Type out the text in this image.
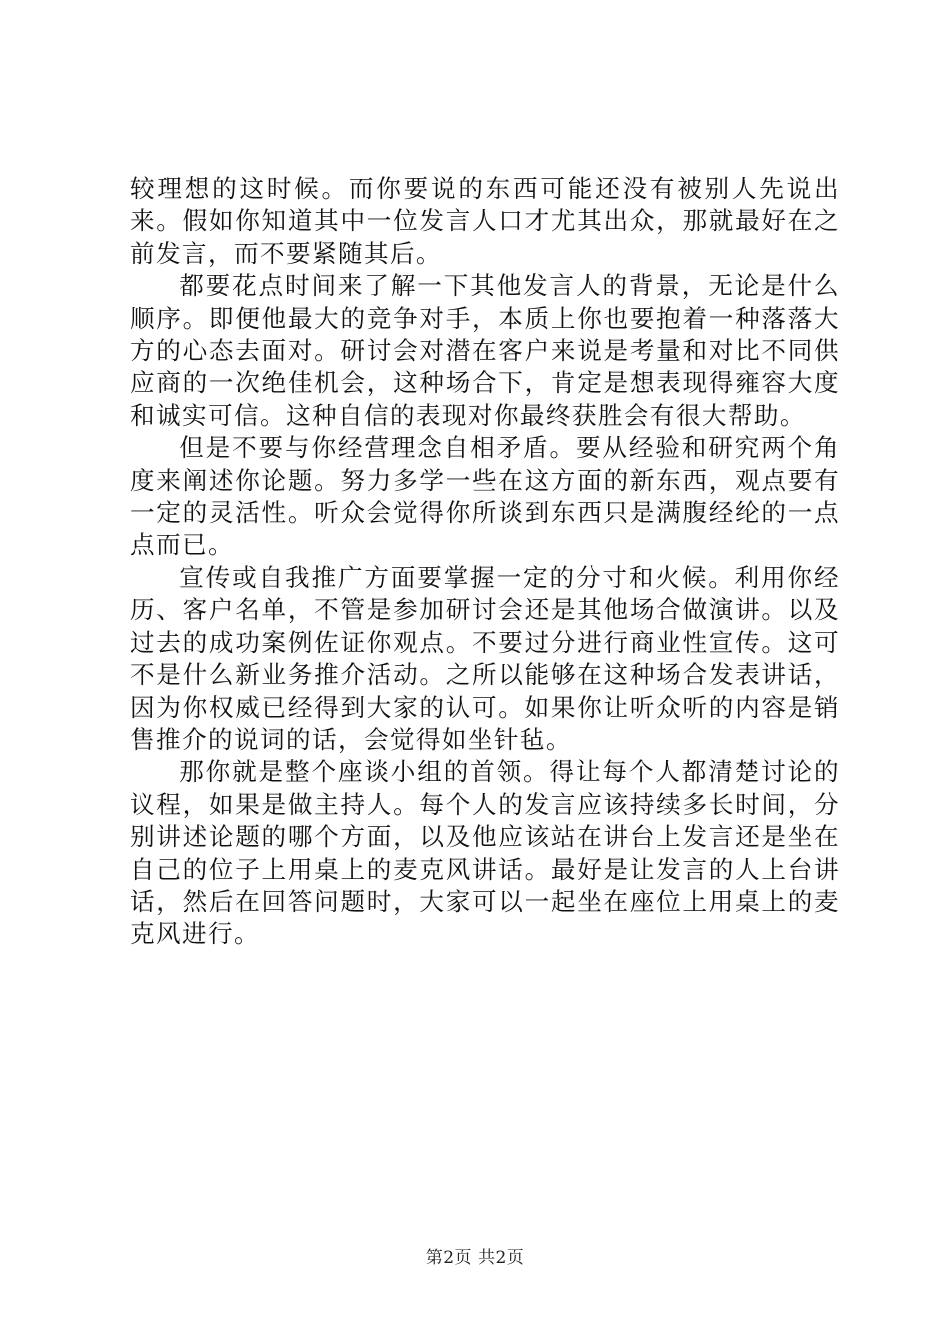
较理想的这时候。而你要说的东西可能还没有被别人先说出来。假如你知道其中一位发言人口才尤其出众，那就最好在之前发言，而不要紧随其后。

都要花点时间来了解一下其他发言人的背景，无论是什么顺序。即便他最大的竞争对手，本质上你也要抱着一种落落大方的心态去面对。研讨会对潜在客户来说是考量和对比不同供应商的一次绝佳机会，这种场合下，肯定是想表现得雍容大度和诚实可信。这种自信的表现对你最终获胜会有很大帮助。

但是不要与你经营理念自相矛盾。要从经验和研究两个角度来阐述你论题。努力多学一些在这方面的新东西，观点要有一定的灵活性。听众会觉得你所谈到东西只是满腹经纶的一点点而已。

宣传或自我推广方面要掌握一定的分寸和火候。利用你经历、客户名单，不管是参加研讨会还是其他场合做演讲。以及过去的成功案例佐证你观点。不要过分进行商业性宣传。这可不是什么新业务推介活动。之所以能够在这种场合发表讲话，因为你权威已经得到大家的认可。如果你让听众听的内容是销售推介的说词的话，会觉得如坐针毡。

那你就是整个座谈小组的首领。得让每个人都清楚讨论的议程，如果是做主持人。每个人的发言应该持续多长时间，分别讲述论题的哪个方面，以及他应该站在讲台上发言还是坐在自己的位子上用桌上的麦克风讲话。最好是让发言的人上台讲话，然后在回答问题时，大家可以一起坐在座位上用桌上的麦克风进行。

第2页 共2页
